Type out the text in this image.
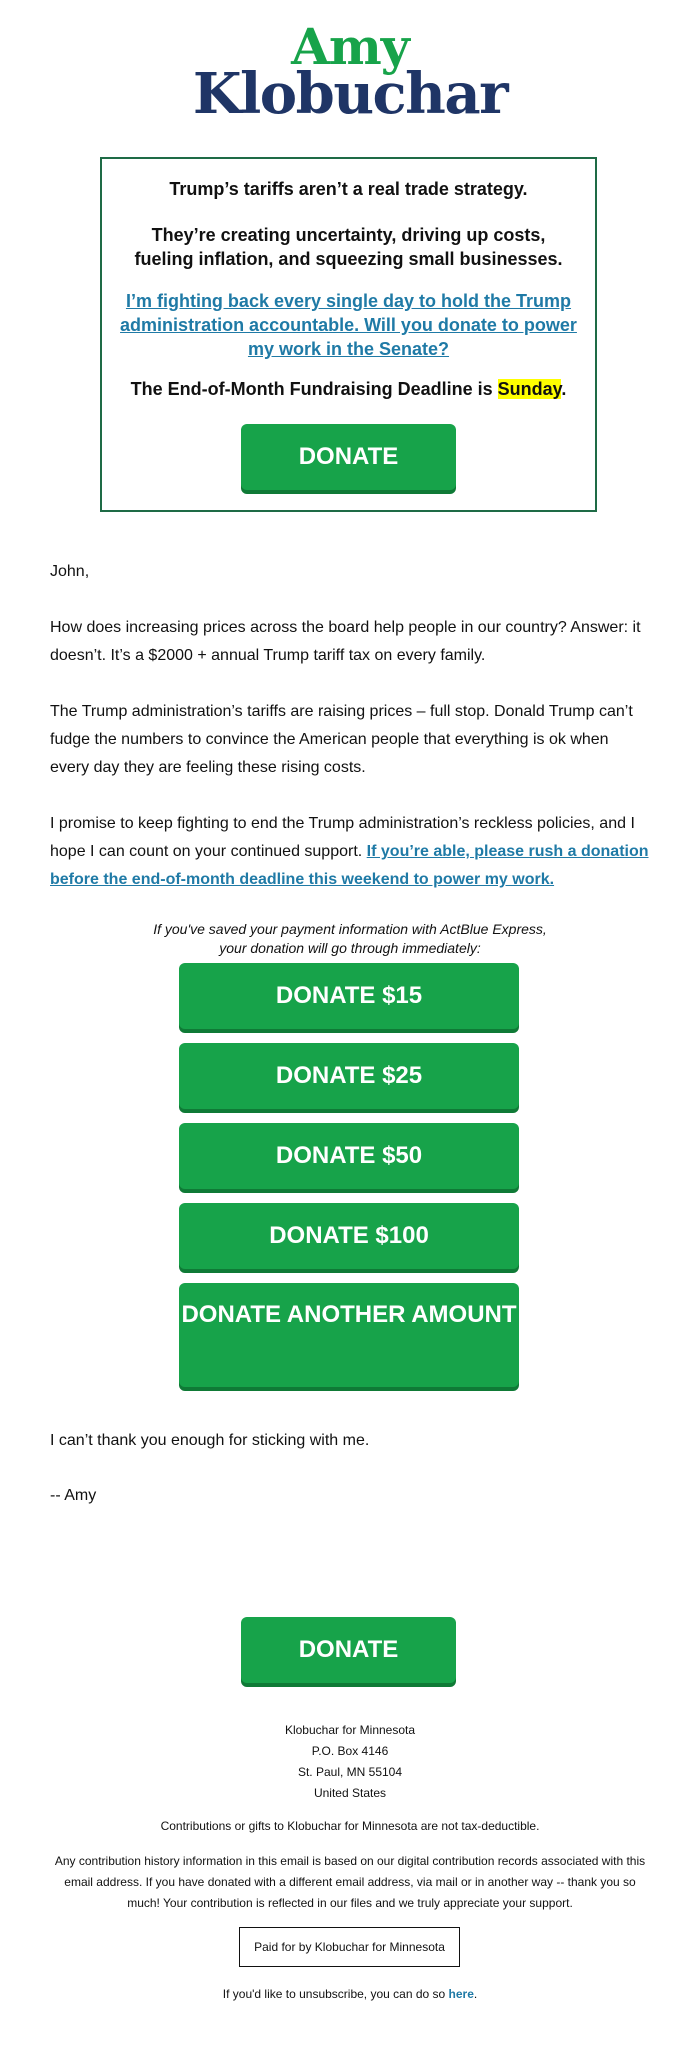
Amy
Klobuchar
Trump’s tariffs aren’t a real trade strategy.
They’re creating uncertainty, driving up costs, fueling inflation, and squeezing small businesses.
I’m fighting back every single day to hold the Trump administration accountable. Will you donate to power my work in the Senate?
The End-of-Month Fundraising Deadline is Sunday.
DONATE
John,
How does increasing prices across the board help people in our country? Answer: it doesn’t. It’s a $2000 + annual Trump tariff tax on every family.
The Trump administration’s tariffs are raising prices – full stop. Donald Trump can’t fudge the numbers to convince the American people that everything is ok when every day they are feeling these rising costs.
I promise to keep fighting to end the Trump administration’s reckless policies, and I hope I can count on your continued support. If you’re able, please rush a donation before the end-of-month deadline this weekend to power my work.
If you've saved your payment information with ActBlue Express,
your donation will go through immediately:
DONATE $15
DONATE $25
DONATE $50
DONATE $100
DONATE ANOTHER AMOUNT
I can’t thank you enough for sticking with me.
-- Amy
DONATE
Klobuchar for Minnesota
P.O. Box 4146
St. Paul, MN 55104
United States
Contributions or gifts to Klobuchar for Minnesota are not tax-deductible.
Any contribution history information in this email is based on our digital contribution records associated with this email address. If you have donated with a different email address, via mail or in another way -- thank you so much! Your contribution is reflected in our files and we truly appreciate your support.
Paid for by Klobuchar for Minnesota
If you'd like to unsubscribe, you can do so here.
